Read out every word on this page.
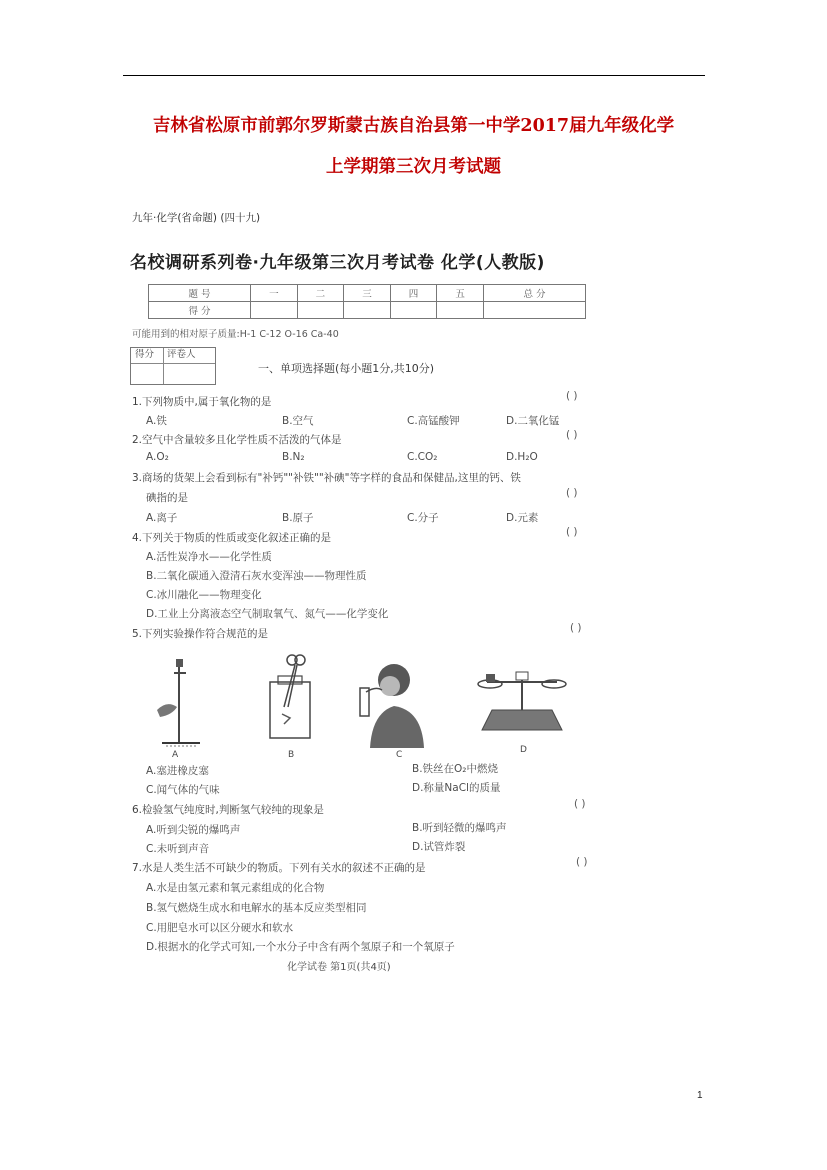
吉林省松原市前郭尔罗斯蒙古族自治县第一中学2017届九年级化学
上学期第三次月考试题
九年·化学(省命题) (四十九)
名校调研系列卷·九年级第三次月考试卷 化学(人教版)
题 号	一	二	三	四	五	总 分
得 分						
可能用到的相对原子质量:H-1 C-12 O-16 Ca-40
得分 评卷人
一、单项选择题(每小题1分,共10分)
1.下列物质中,属于氧化物的是	( )
A.铁	B.空气	C.高锰酸钾	D.二氧化锰
2.空气中含量较多且化学性质不活泼的气体是	( )
A.O₂	B.N₂	C.CO₂	D.H₂O
3.商场的货架上会看到标有"补钙""补铁""补碘"等字样的食品和保健品,这里的钙、铁
碘指的是	( )
A.离子	B.原子	C.分子	D.元素
4.下列关于物质的性质或变化叙述正确的是	( )
A.活性炭净水——化学性质
B.二氧化碳通入澄清石灰水变浑浊——物理性质
C.冰川融化——物理变化
D.工业上分离液态空气制取氧气、氮气——化学变化
5.下列实验操作符合规范的是	( )
A	B	C	D
A.塞进橡皮塞	B.铁丝在O₂中燃烧
C.闻气体的气味	D.称量NaCl的质量
6.检验氢气纯度时,判断氢气较纯的现象是	( )
A.听到尖锐的爆鸣声	B.听到轻微的爆鸣声
C.未听到声音	D.试管炸裂
7.水是人类生活不可缺少的物质。下列有关水的叙述不正确的是	( )
A.水是由氢元素和氧元素组成的化合物
B.氢气燃烧生成水和电解水的基本反应类型相同
C.用肥皂水可以区分硬水和软水
D.根据水的化学式可知,一个水分子中含有两个氢原子和一个氧原子
化学试卷 第1页(共4页)
1
